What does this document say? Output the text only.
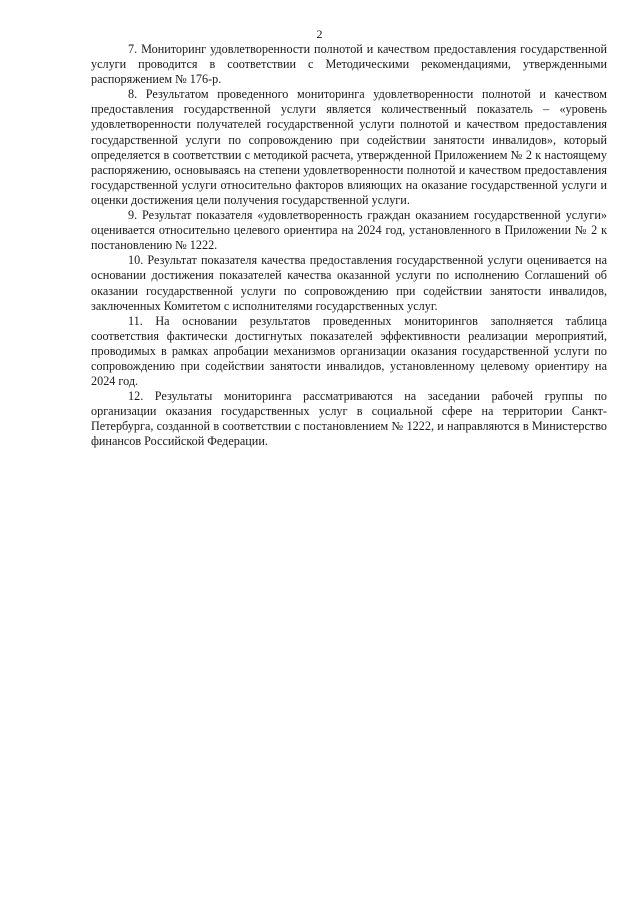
2

7. Мониторинг удовлетворенности полнотой и качеством предоставления государственной услуги проводится в соответствии с Методическими рекомендациями, утвержденными распоряжением № 176-р.

8. Результатом проведенного мониторинга удовлетворенности полнотой и качеством предоставления государственной услуги является количественный показатель – «уровень удовлетворенности получателей государственной услуги полнотой и качеством предоставления государственной услуги по сопровождению при содействии занятости инвалидов», который определяется в соответствии с методикой расчета, утвержденной Приложением № 2 к настоящему распоряжению, основываясь на степени удовлетворенности полнотой и качеством предоставления государственной услуги относительно факторов влияющих на оказание государственной услуги и оценки достижения цели получения государственной услуги.

9. Результат показателя «удовлетворенность граждан оказанием государственной услуги» оценивается относительно целевого ориентира на 2024 год, установленного в Приложении № 2 к постановлению № 1222.

10. Результат показателя качества предоставления государственной услуги оценивается на основании достижения показателей качества оказанной услуги по исполнению Соглашений об оказании государственной услуги по сопровождению при содействии занятости инвалидов, заключенных Комитетом с исполнителями государственных услуг.

11. На основании результатов проведенных мониторингов заполняется таблица соответствия фактически достигнутых показателей эффективности реализации мероприятий, проводимых в рамках апробации механизмов организации оказания государственной услуги по сопровождению при содействии занятости инвалидов, установленному целевому ориентиру на 2024 год.

12. Результаты мониторинга рассматриваются на заседании рабочей группы по организации оказания государственных услуг в социальной сфере на территории Санкт-Петербурга, созданной в соответствии с постановлением № 1222, и направляются в Министерство финансов Российской Федерации.
